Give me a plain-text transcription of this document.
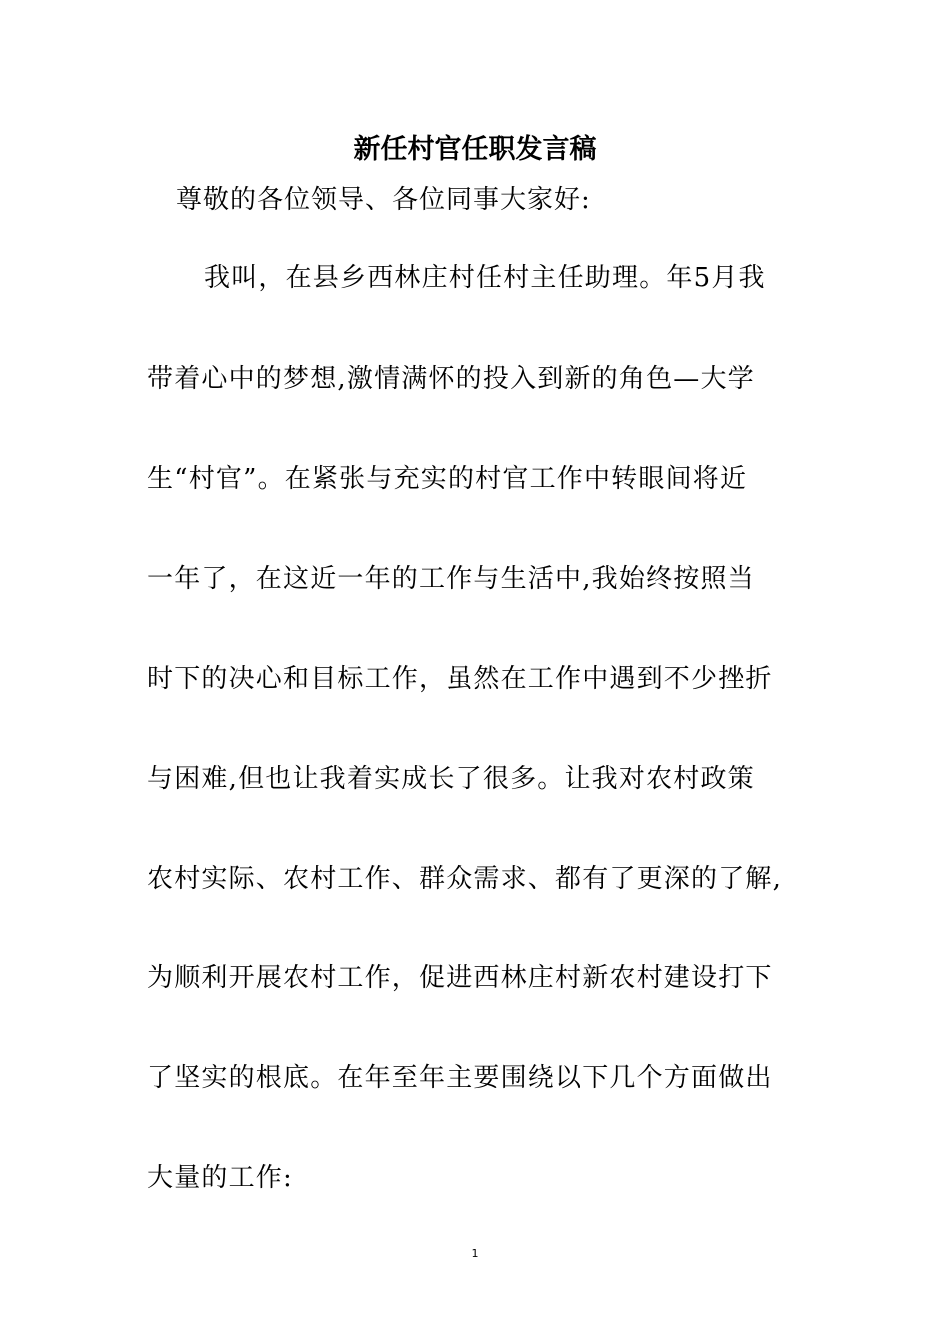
新任村官任职发言稿

尊敬的各位领导、各位同事大家好:

我叫，在县乡西林庄村任村主任助理。年5月我

带着心中的梦想,激情满怀的投入到新的角色—大学

生“村官”。在紧张与充实的村官工作中转眼间将近

一年了，在这近一年的工作与生活中,我始终按照当

时下的决心和目标工作，虽然在工作中遇到不少挫折

与困难,但也让我着实成长了很多。让我对农村政策

农村实际、农村工作、群众需求、都有了更深的了解,

为顺利开展农村工作，促进西林庄村新农村建设打下

了坚实的根底。在年至年主要围绕以下几个方面做出

大量的工作:

1
